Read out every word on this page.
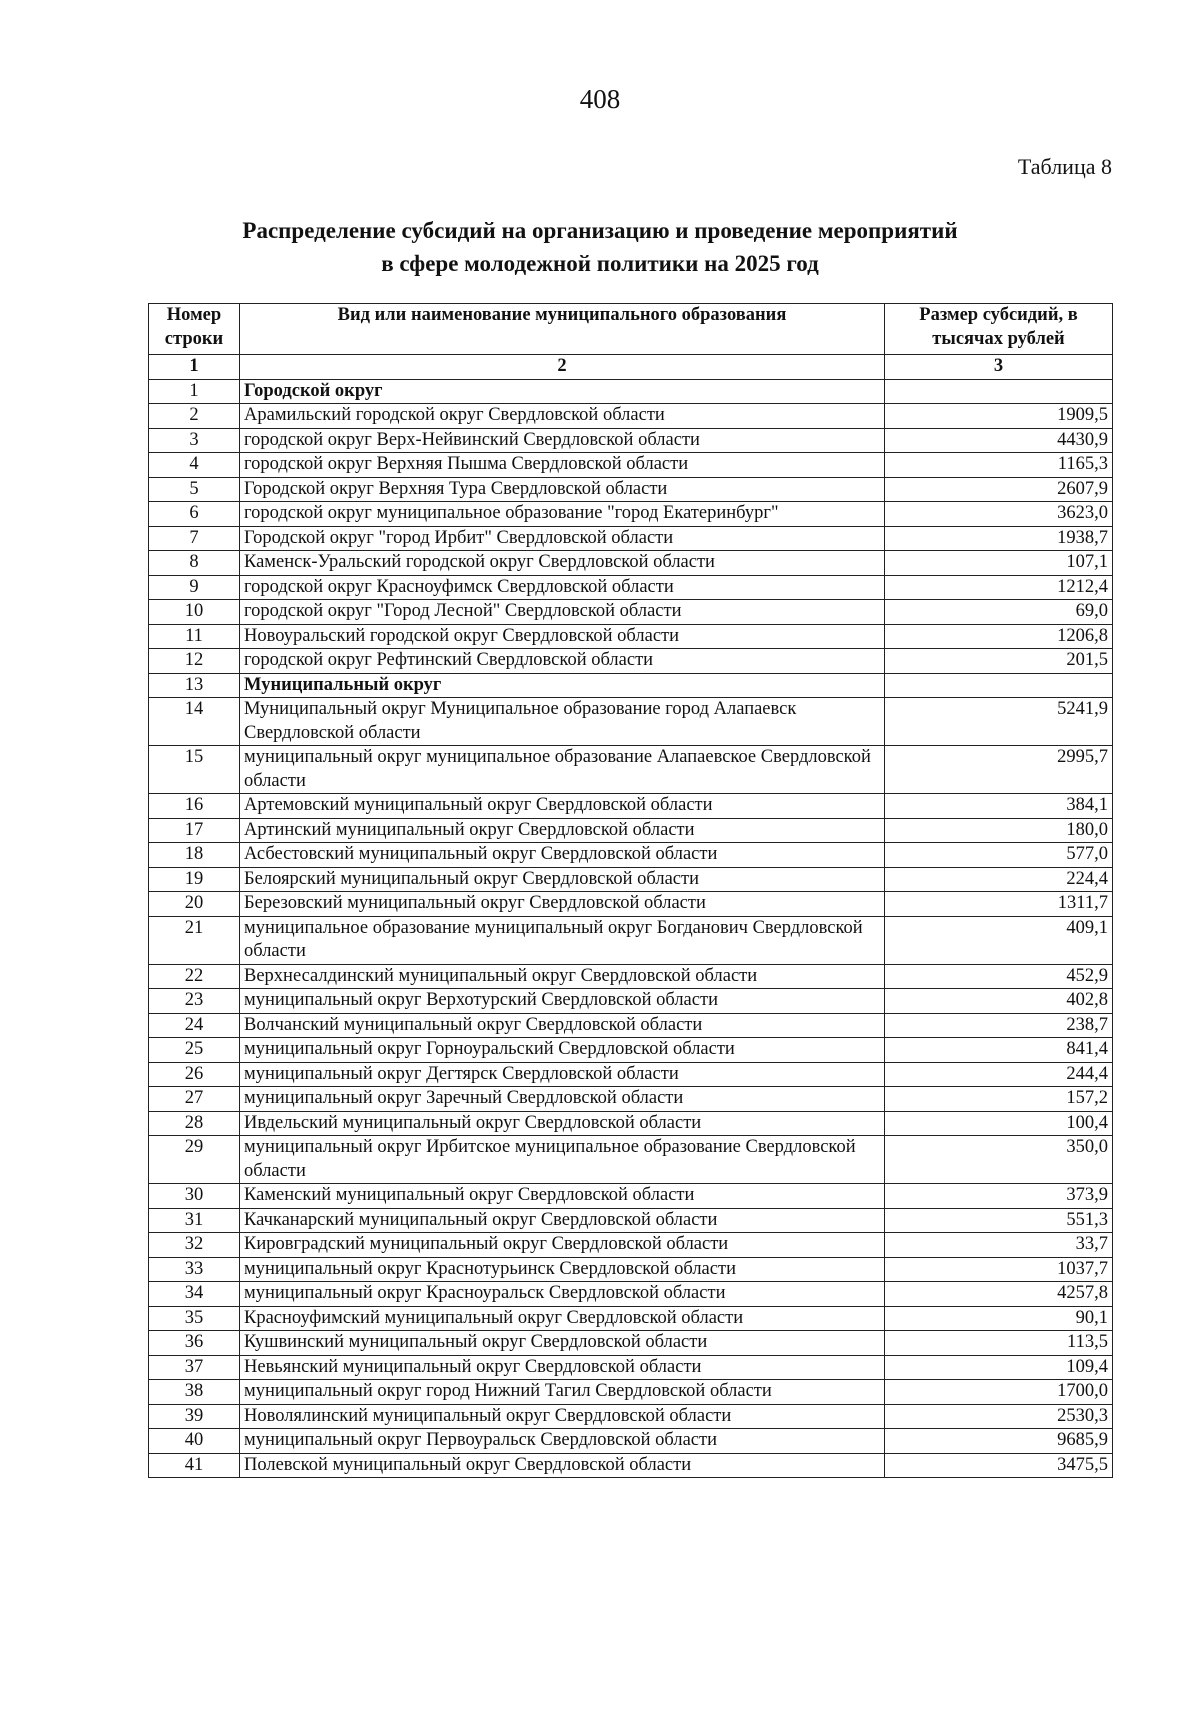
408
Таблица 8
Распределение субсидий на организацию и проведение мероприятий
в сфере молодежной политики на 2025 год
Номер строки	Вид или наименование муниципального образования	Размер субсидий, в тысячах рублей
1	2	3
1	Городской округ	
2	Арамильский городской округ Свердловской области	1909,5
3	городской округ Верх-Нейвинский Свердловской области	4430,9
4	городской округ Верхняя Пышма Свердловской области	1165,3
5	Городской округ Верхняя Тура Свердловской области	2607,9
6	городской округ муниципальное образование "город Екатеринбург"	3623,0
7	Городской округ "город Ирбит" Свердловской области	1938,7
8	Каменск-Уральский городской округ Свердловской области	107,1
9	городской округ Красноуфимск Свердловской области	1212,4
10	городской округ "Город Лесной" Свердловской области	69,0
11	Новоуральский городской округ Свердловской области	1206,8
12	городской округ Рефтинский Свердловской области	201,5
13	Муниципальный округ	
14	Муниципальный округ Муниципальное образование город Алапаевск Свердловской области	5241,9
15	муниципальный округ муниципальное образование Алапаевское Свердловской области	2995,7
16	Артемовский муниципальный округ Свердловской области	384,1
17	Артинский муниципальный округ Свердловской области	180,0
18	Асбестовский муниципальный округ Свердловской области	577,0
19	Белоярский муниципальный округ Свердловской области	224,4
20	Березовский муниципальный округ Свердловской области	1311,7
21	муниципальное образование муниципальный округ Богданович Свердловской области	409,1
22	Верхнесалдинский муниципальный округ Свердловской области	452,9
23	муниципальный округ Верхотурский Свердловской области	402,8
24	Волчанский муниципальный округ Свердловской области	238,7
25	муниципальный округ Горноуральский Свердловской области	841,4
26	муниципальный округ Дегтярск Свердловской области	244,4
27	муниципальный округ Заречный Свердловской области	157,2
28	Ивдельский муниципальный округ Свердловской области	100,4
29	муниципальный округ Ирбитское муниципальное образование Свердловской области	350,0
30	Каменский муниципальный округ Свердловской области	373,9
31	Качканарский муниципальный округ Свердловской области	551,3
32	Кировградский муниципальный округ Свердловской области	33,7
33	муниципальный округ Краснотурьинск Свердловской области	1037,7
34	муниципальный округ Красноуральск Свердловской области	4257,8
35	Красноуфимский муниципальный округ Свердловской области	90,1
36	Кушвинский муниципальный округ Свердловской области	113,5
37	Невьянский муниципальный округ Свердловской области	109,4
38	муниципальный округ город Нижний Тагил Свердловской области	1700,0
39	Новолялинский муниципальный округ Свердловской области	2530,3
40	муниципальный округ Первоуральск Свердловской области	9685,9
41	Полевской муниципальный округ Свердловской области	3475,5
